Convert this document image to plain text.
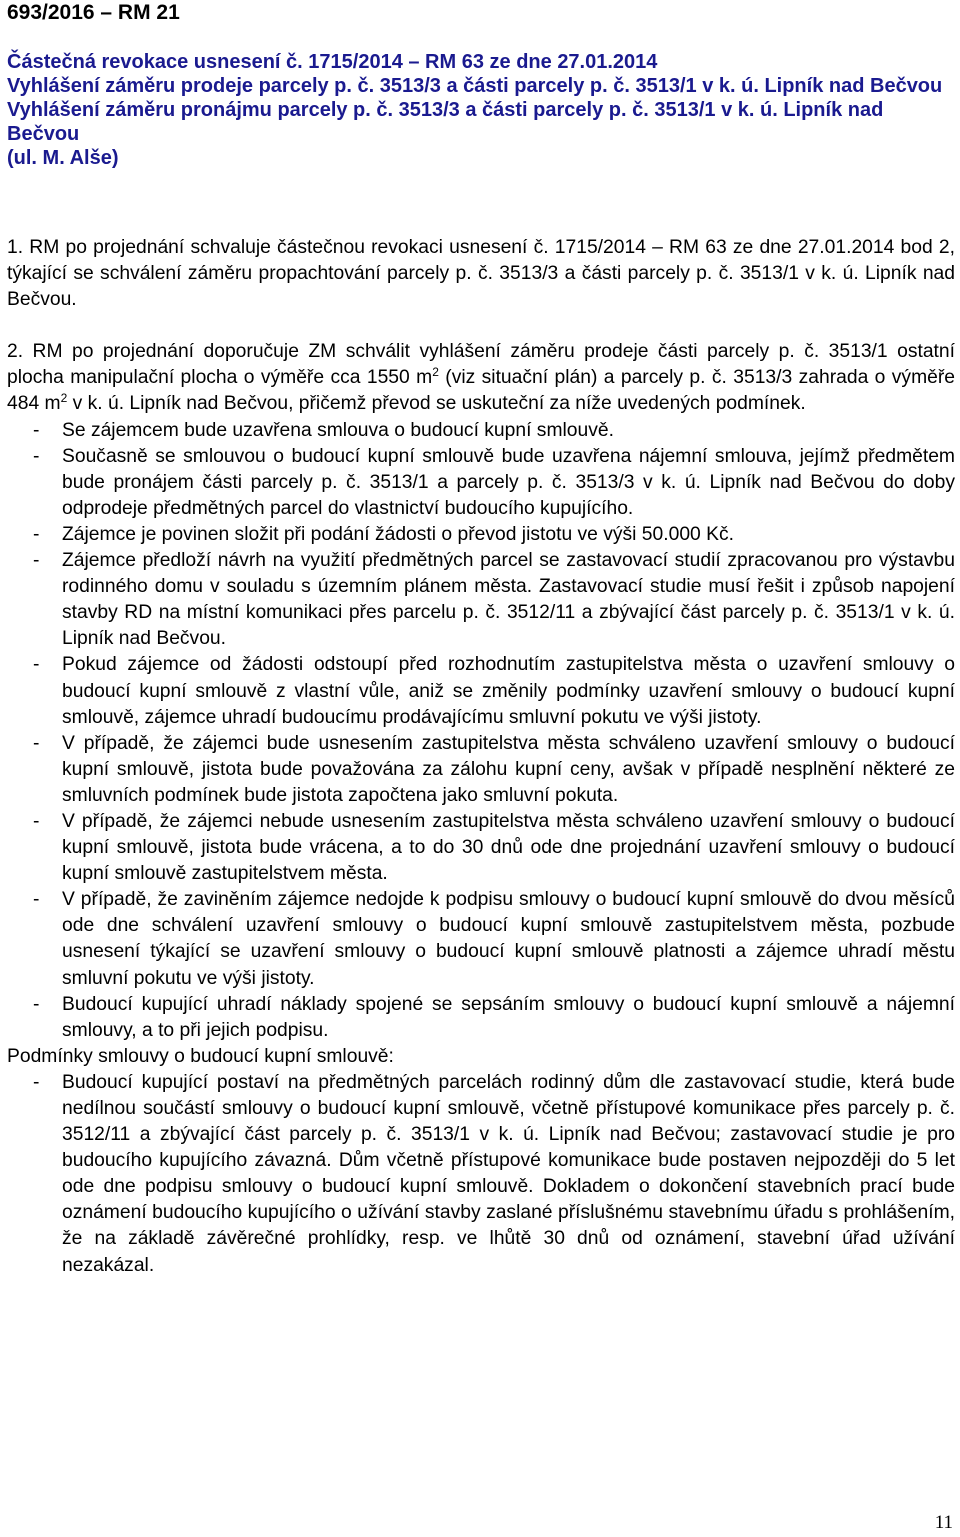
693/2016 – RM 21
Částečná revokace usnesení č. 1715/2014 – RM 63 ze dne 27.01.2014
Vyhlášení záměru prodeje parcely p. č. 3513/3 a části parcely p. č. 3513/1 v k. ú. Lipník nad Bečvou
Vyhlášení záměru pronájmu parcely p. č. 3513/3 a části parcely p. č. 3513/1 v k. ú. Lipník nad Bečvou
(ul. M. Alše)

1. RM po projednání schvaluje částečnou revokaci usnesení č. 1715/2014 – RM 63 ze dne 27.01.2014 bod 2, týkající se schválení záměru propachtování parcely p. č. 3513/3 a části parcely p. č. 3513/1 v k. ú. Lipník nad Bečvou.

2. RM po projednání doporučuje ZM schválit vyhlášení záměru prodeje části parcely p. č. 3513/1 ostatní plocha manipulační plocha o výměře cca 1550 $m^2$ (viz situační plán) a parcely p. č. 3513/3 zahrada o výměře 484 $m^2$ v k. ú. Lipník nad Bečvou, přičemž převod se uskuteční za níže uvedených podmínek.

- Se zájemcem bude uzavřena smlouva o budoucí kupní smlouvě.
- Současně se smlouvou o budoucí kupní smlouvě bude uzavřena nájemní smlouva, jejímž předmětem bude pronájem části parcely p. č. 3513/1 a parcely p. č. 3513/3 v k. ú. Lipník nad Bečvou do doby odprodeje předmětných parcel do vlastnictví budoucího kupujícího.
- Zájemce je povinen složit při podání žádosti o převod jistotu ve výši 50.000 Kč.
- Zájemce předloží návrh na využití předmětných parcel se zastavovací studií zpracovanou pro výstavbu rodinného domu v souladu s územním plánem města. Zastavovací studie musí řešit i způsob napojení stavby RD na místní komunikaci přes parcelu p. č. 3512/11 a zbývající část parcely p. č. 3513/1 v k. ú. Lipník nad Bečvou.
- Pokud zájemce od žádosti odstoupí před rozhodnutím zastupitelstva města o uzavření smlouvy o budoucí kupní smlouvě z vlastní vůle, aniž se změnily podmínky uzavření smlouvy o budoucí kupní smlouvě, zájemce uhradí budoucímu prodávajícímu smluvní pokutu ve výši jistoty.
- V případě, že zájemci bude usnesením zastupitelstva města schváleno uzavření smlouvy o budoucí kupní smlouvě, jistota bude považována za zálohu kupní ceny, avšak v případě nesplnění některé ze smluvních podmínek bude jistota započtena jako smluvní pokuta.
- V případě, že zájemci nebude usnesením zastupitelstva města schváleno uzavření smlouvy o budoucí kupní smlouvě, jistota bude vrácena, a to do 30 dnů ode dne projednání uzavření smlouvy o budoucí kupní smlouvě zastupitelstvem města.
- V případě, že zaviněním zájemce nedojde k podpisu smlouvy o budoucí kupní smlouvě do dvou měsíců ode dne schválení uzavření smlouvy o budoucí kupní smlouvě zastupitelstvem města, pozbude usnesení týkající se uzavření smlouvy o budoucí kupní smlouvě platnosti a zájemce uhradí městu smluvní pokutu ve výši jistoty.
- Budoucí kupující uhradí náklady spojené se sepsáním smlouvy o budoucí kupní smlouvě a nájemní smlouvy, a to při jejich podpisu.

Podmínky smlouvy o budoucí kupní smlouvě:

- Budoucí kupující postaví na předmětných parcelách rodinný dům dle zastavovací studie, která bude nedílnou součástí smlouvy o budoucí kupní smlouvě, včetně přístupové komunikace přes parcely p. č. 3512/11 a zbývající část parcely p. č. 3513/1 v k. ú. Lipník nad Bečvou; zastavovací studie je pro budoucího kupujícího závazná. Dům včetně přístupové komunikace bude postaven nejpozději do 5 let ode dne podpisu smlouvy o budoucí kupní smlouvě. Dokladem o dokončení stavebních prací bude oznámení budoucího kupujícího o užívání stavby zaslané příslušnému stavebnímu úřadu s prohlášením, že na základě závěrečné prohlídky, resp. ve lhůtě 30 dnů od oznámení, stavební úřad užívání nezakázal.
11
